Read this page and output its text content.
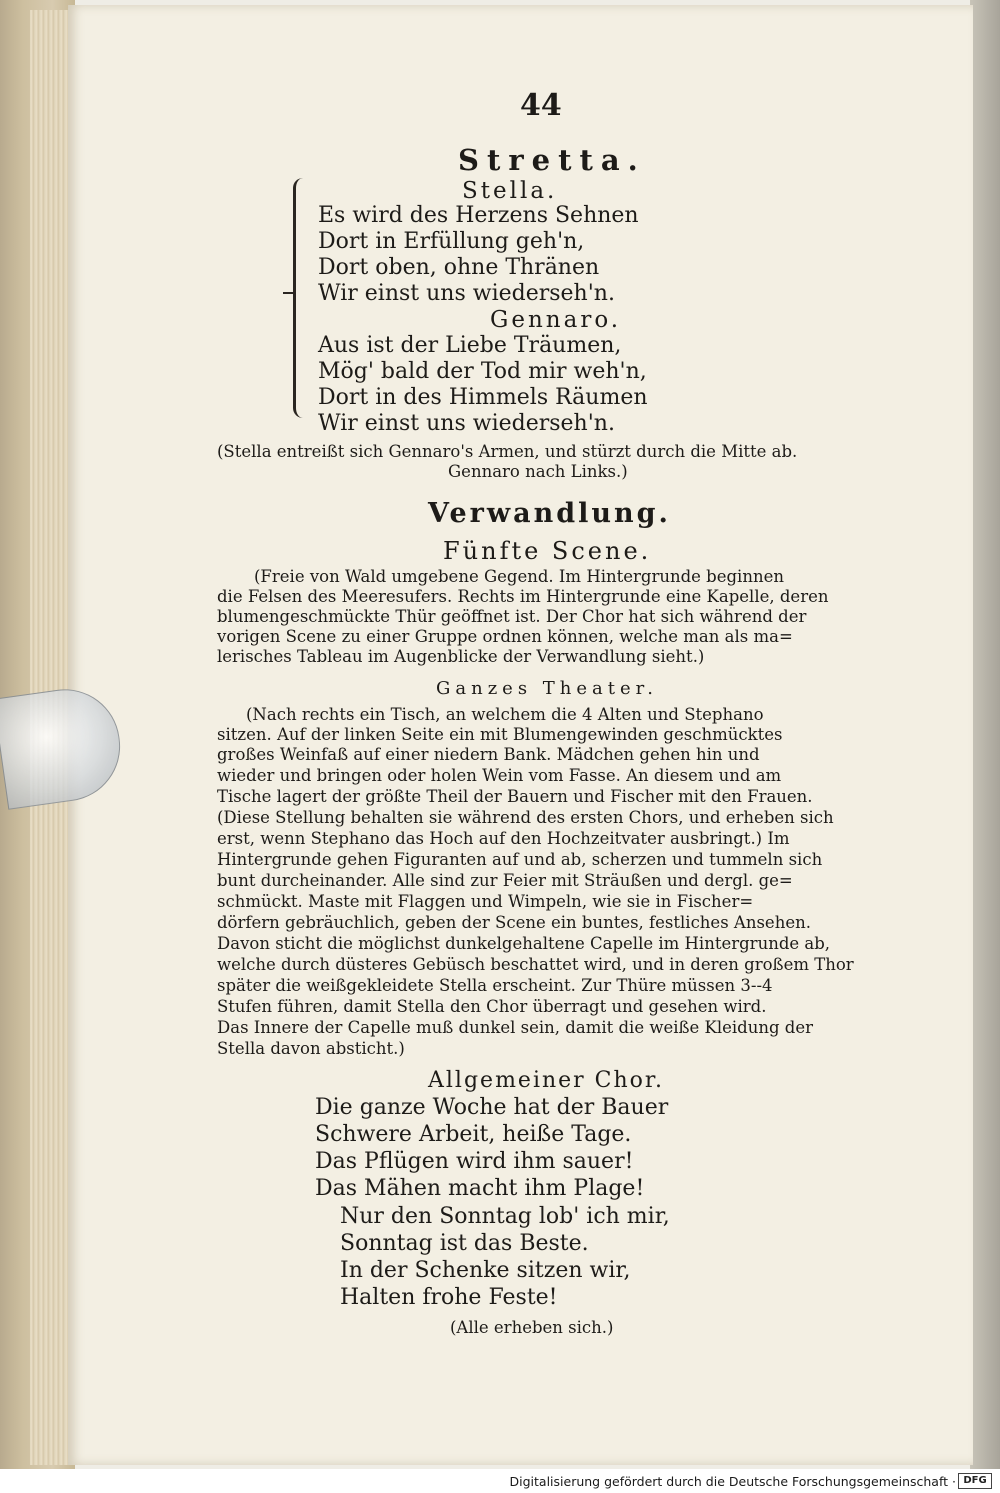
44
Stretta.
Stella.
Es wird des Herzens Sehnen
Dort in Erfüllung geh'n,
Dort oben, ohne Thränen
Wir einst uns wiederseh'n.
Gennaro.
Aus ist der Liebe Träumen,
Mög' bald der Tod mir weh'n,
Dort in des Himmels Räumen
Wir einst uns wiederseh'n.
(Stella entreißt sich Gennaro's Armen, und stürzt durch die Mitte ab.
Gennaro nach Links.)
Verwandlung.
Fünfte Scene.
(Freie von Wald umgebene Gegend. Im Hintergrunde beginnen
die Felsen des Meeresufers. Rechts im Hintergrunde eine Kapelle, deren
blumengeschmückte Thür geöffnet ist. Der Chor hat sich während der
vorigen Scene zu einer Gruppe ordnen können, welche man als ma=
lerisches Tableau im Augenblicke der Verwandlung sieht.)
Ganzes Theater.
(Nach rechts ein Tisch, an welchem die 4 Alten und Stephano
sitzen. Auf der linken Seite ein mit Blumengewinden geschmücktes
großes Weinfaß auf einer niedern Bank. Mädchen gehen hin und
wieder und bringen oder holen Wein vom Fasse. An diesem und am
Tische lagert der größte Theil der Bauern und Fischer mit den Frauen.
(Diese Stellung behalten sie während des ersten Chors, und erheben sich
erst, wenn Stephano das Hoch auf den Hochzeitvater ausbringt.) Im
Hintergrunde gehen Figuranten auf und ab, scherzen und tummeln sich
bunt durcheinander. Alle sind zur Feier mit Sträußen und dergl. ge=
schmückt. Maste mit Flaggen und Wimpeln, wie sie in Fischer=
dörfern gebräuchlich, geben der Scene ein buntes, festliches Ansehen.
Davon sticht die möglichst dunkelgehaltene Capelle im Hintergrunde ab,
welche durch düsteres Gebüsch beschattet wird, und in deren großem Thor
später die weißgekleidete Stella erscheint. Zur Thüre müssen 3--4
Stufen führen, damit Stella den Chor überragt und gesehen wird.
Das Innere der Capelle muß dunkel sein, damit die weiße Kleidung der
Stella davon absticht.)
Allgemeiner Chor.
Die ganze Woche hat der Bauer
Schwere Arbeit, heiße Tage.
Das Pflügen wird ihm sauer!
Das Mähen macht ihm Plage!
Nur den Sonntag lob' ich mir,
Sonntag ist das Beste.
In der Schenke sitzen wir,
Halten frohe Feste!
(Alle erheben sich.)
Digitalisierung gefördert durch die Deutsche Forschungsgemeinschaft · DFG
